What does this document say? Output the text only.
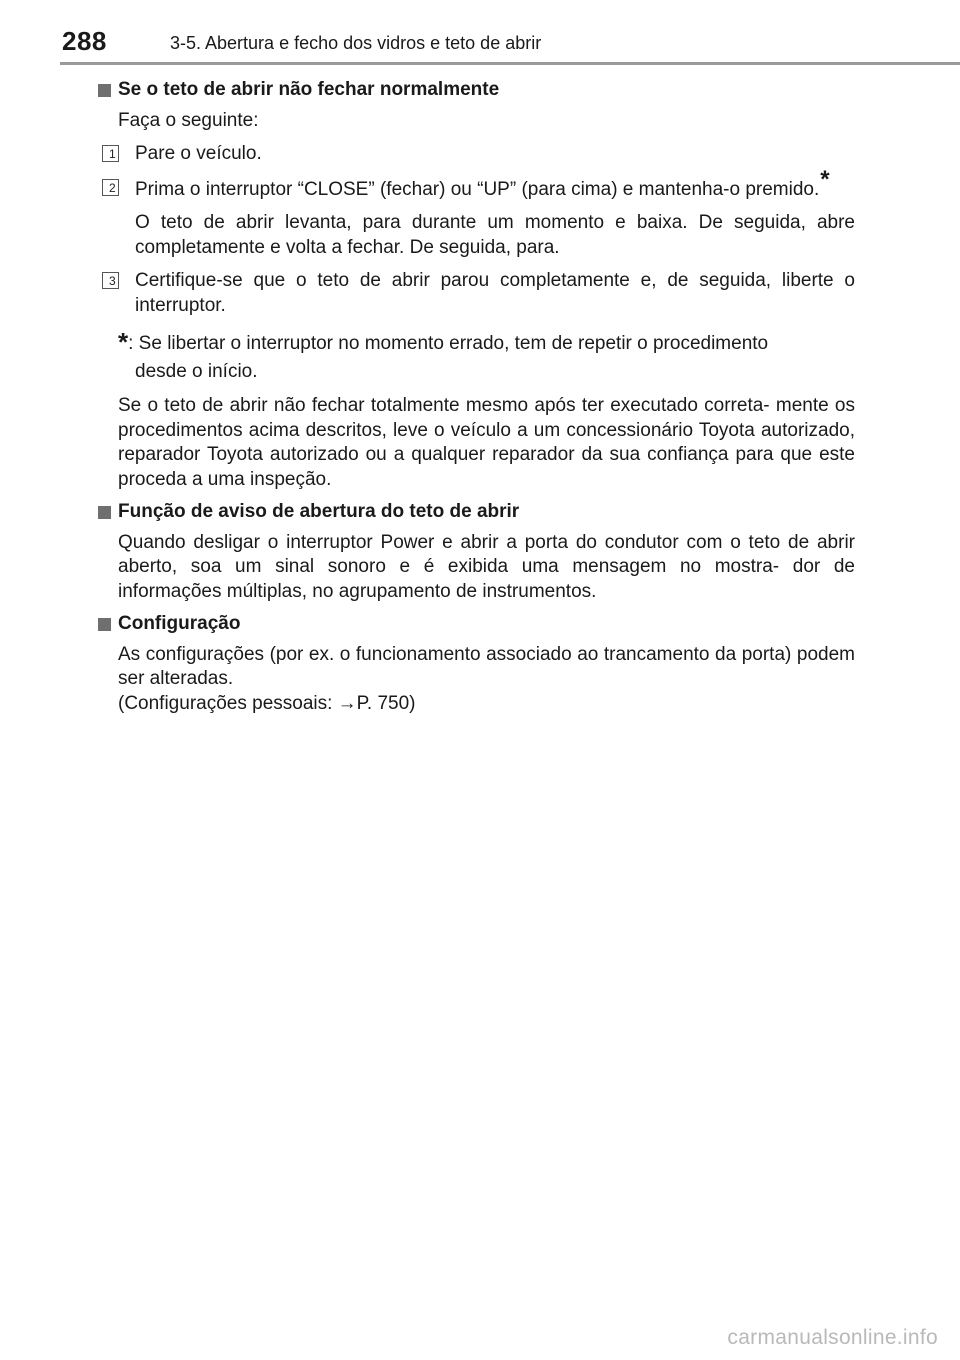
288	3-5. Abertura e fecho dos vidros e teto de abrir
Se o teto de abrir não fechar normalmente
Faça o seguinte:
1 Pare o veículo.
2 Prima o interruptor “CLOSE” (fechar) ou “UP” (para cima) e mantenha-o premido.*
O teto de abrir levanta, para durante um momento e baixa. De seguida, abre completamente e volta a fechar. De seguida, para.
3 Certifique-se que o teto de abrir parou completamente e, de seguida, liberte o interruptor.
*: Se libertar o interruptor no momento errado, tem de repetir o procedimento
desde o início.
Se o teto de abrir não fechar totalmente mesmo após ter executado correta- mente os procedimentos acima descritos, leve o veículo a um concessionário Toyota autorizado, reparador Toyota autorizado ou a qualquer reparador da sua confiança para que este proceda a uma inspeção.
Função de aviso de abertura do teto de abrir
Quando desligar o interruptor Power e abrir a porta do condutor com o teto de abrir aberto, soa um sinal sonoro e é exibida uma mensagem no mostra- dor de informações múltiplas, no agrupamento de instrumentos.
Configuração
As configurações (por ex. o funcionamento associado ao trancamento da porta) podem ser alteradas.
(Configurações pessoais: →P. 750)
carmanualsonline.info
